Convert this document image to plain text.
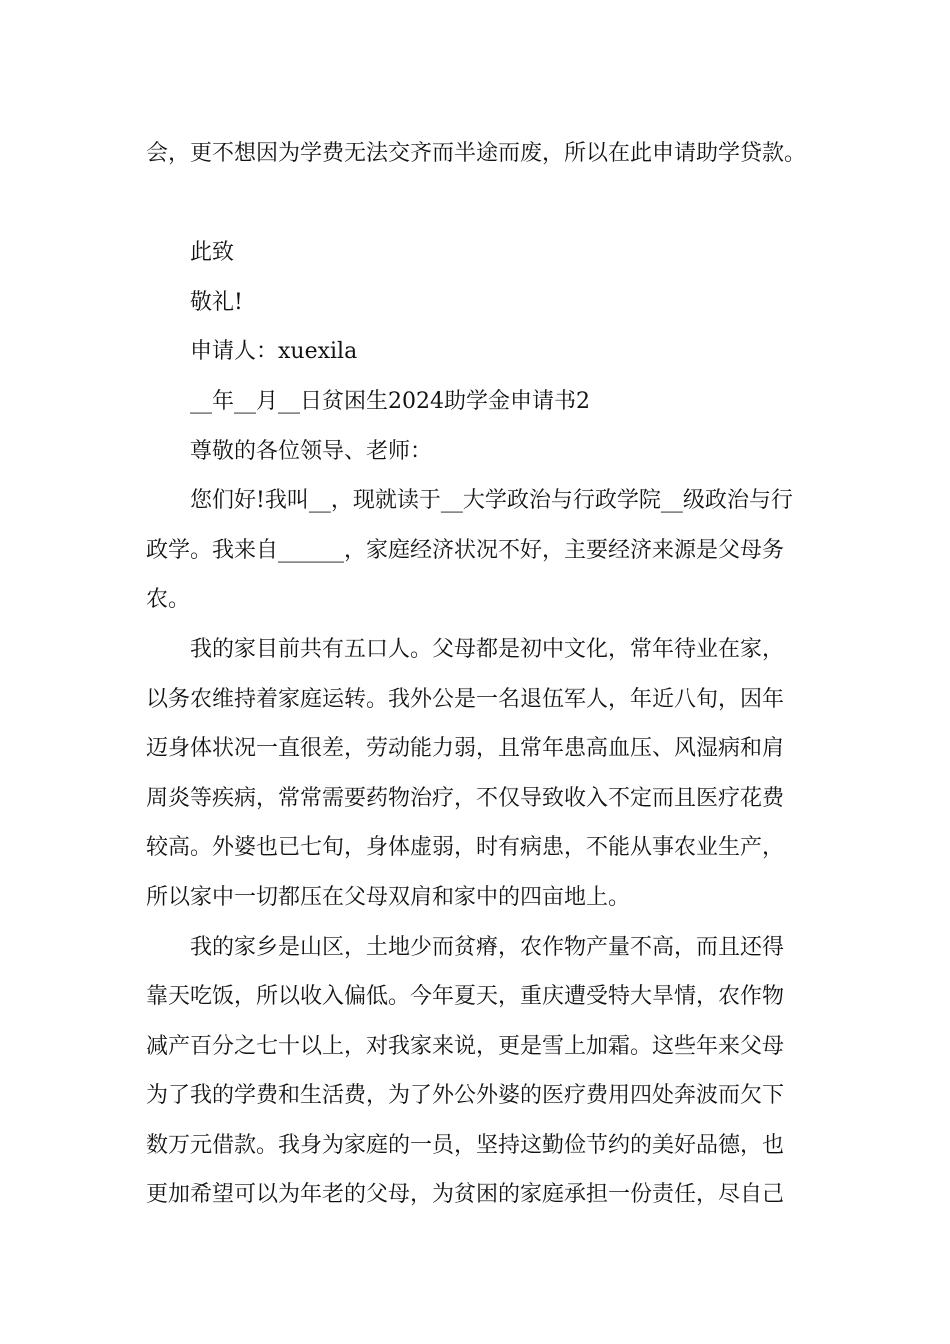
会，更不想因为学费无法交齐而半途而废，所以在此申请助学贷款。
此致
敬礼!
申请人：xuexila
__年__月__日贫困生2024助学金申请书2
尊敬的各位领导、老师：
您们好!我叫__，现就读于__大学政治与行政学院__级政治与行
政学。我来自______，家庭经济状况不好，主要经济来源是父母务
农。
我的家目前共有五口人。父母都是初中文化，常年待业在家，
以务农维持着家庭运转。我外公是一名退伍军人，年近八旬，因年
迈身体状况一直很差，劳动能力弱，且常年患高血压、风湿病和肩
周炎等疾病，常常需要药物治疗，不仅导致收入不定而且医疗花费
较高。外婆也已七旬，身体虚弱，时有病患，不能从事农业生产，
所以家中一切都压在父母双肩和家中的四亩地上。
我的家乡是山区，土地少而贫瘠，农作物产量不高，而且还得
靠天吃饭，所以收入偏低。今年夏天，重庆遭受特大旱情，农作物
减产百分之七十以上，对我家来说，更是雪上加霜。这些年来父母
为了我的学费和生活费，为了外公外婆的医疗费用四处奔波而欠下
数万元借款。我身为家庭的一员，坚持这勤俭节约的美好品德，也
更加希望可以为年老的父母，为贫困的家庭承担一份责任，尽自己
